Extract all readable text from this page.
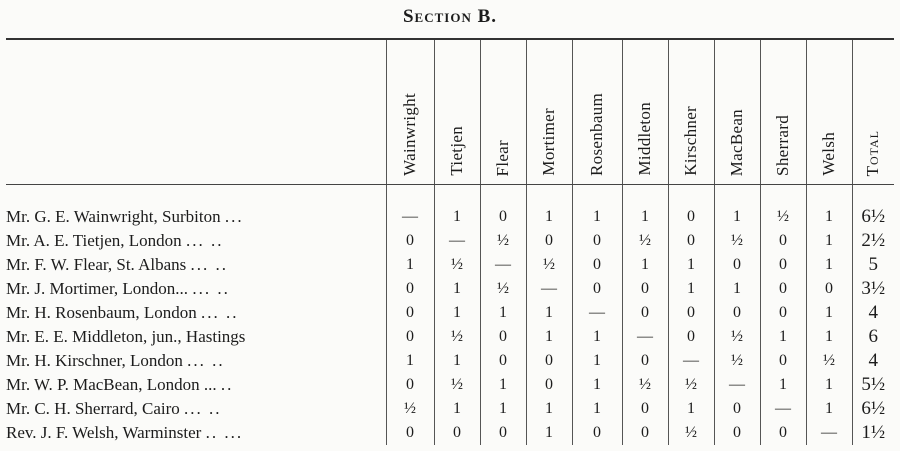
Section B.

	Wainwright	Tietjen	Flear	Mortimer	Rosenbaum	Middleton	Kirschner	MacBean	Sherrard	Welsh	Total

Mr. G. E. Wainwright, Surbiton ...	—	1	0	1	1	1	0	1	½	1	6½
Mr. A. E. Tietjen, London ... ..	0	—	½	0	0	½	0	½	0	1	2½
Mr. F. W. Flear, St. Albans ... ..	1	½	—	½	0	1	1	0	0	1	5
Mr. J. Mortimer, London... ... ..	0	1	½	—	0	0	1	1	0	0	3½
Mr. H. Rosenbaum, London ... ..	0	1	1	1	—	0	0	0	0	1	4
Mr. E. E. Middleton, jun., Hastings	0	½	0	1	1	—	0	½	1	1	6
Mr. H. Kirschner, London ... ..	1	1	0	0	1	0	—	½	0	½	4
Mr. W. P. MacBean, London ... ..	0	½	1	0	1	½	½	—	1	1	5½
Mr. C. H. Sherrard, Cairo ... ..	½	1	1	1	1	0	1	0	—	1	6½
Rev. J. F. Welsh, Warminster .. ...	0	0	0	1	0	0	½	0	0	—	1½
